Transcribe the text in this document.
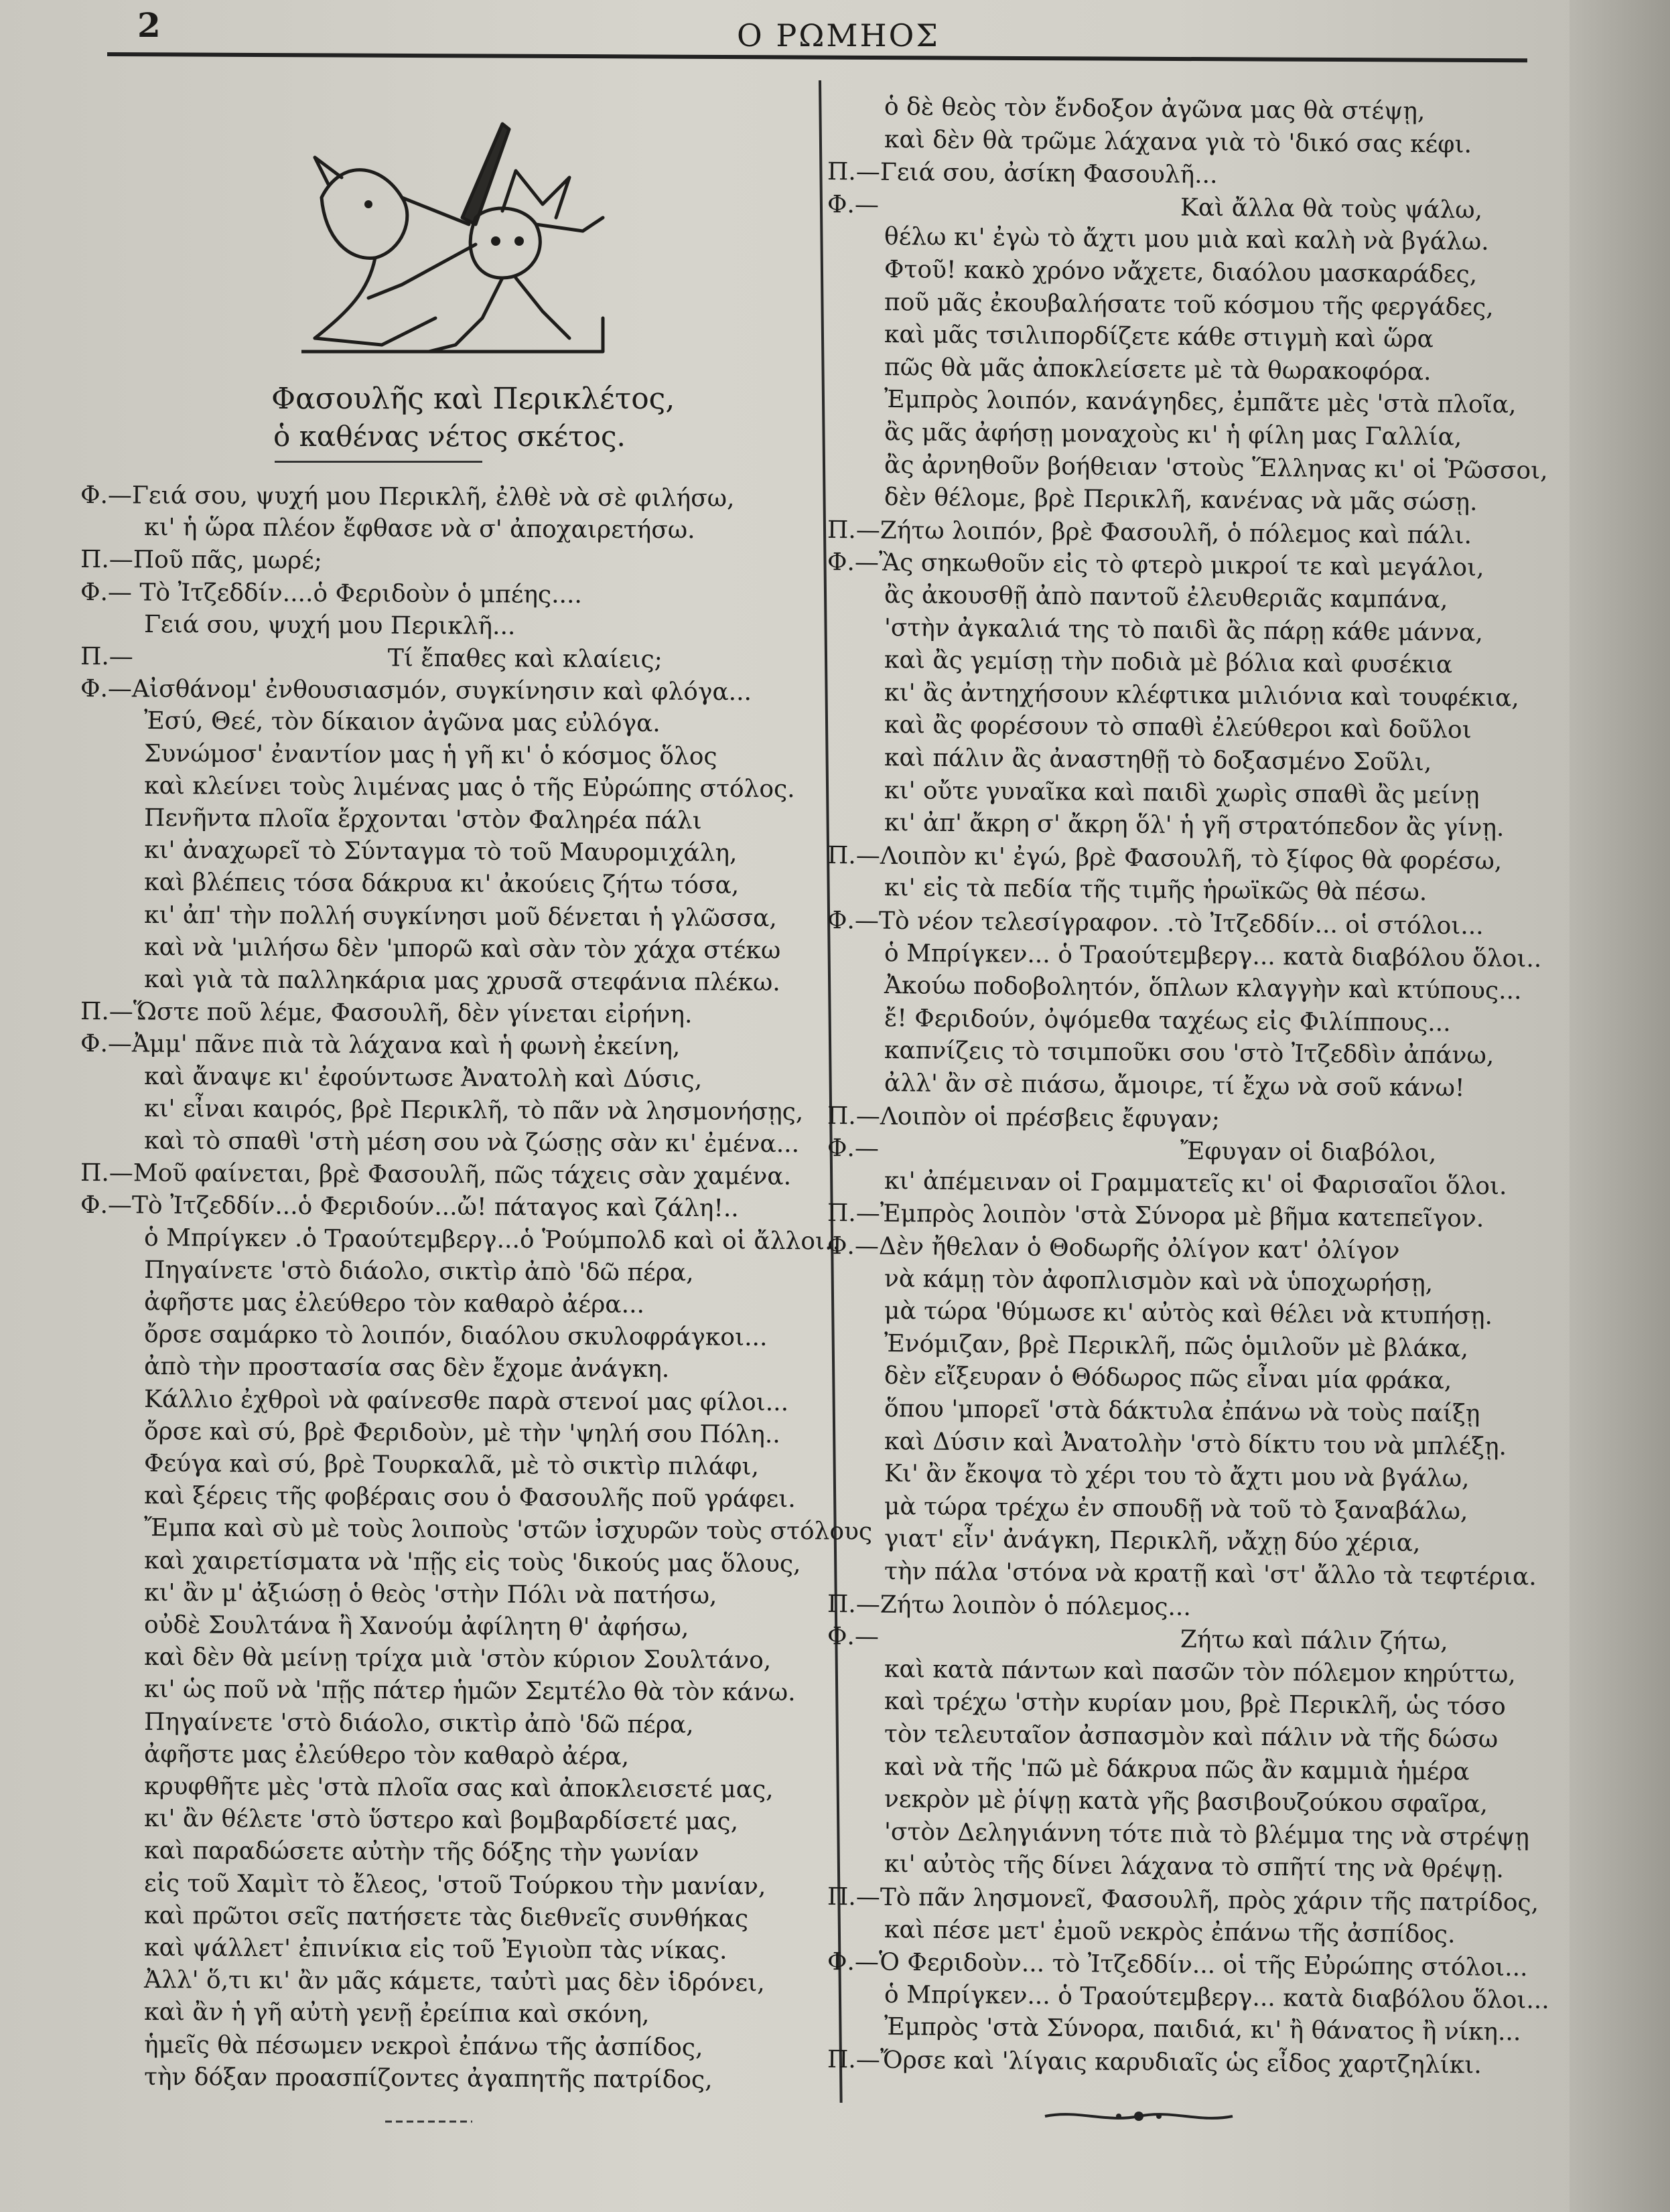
2	Ο ΡΩΜΗΟΣ
Φασουλῆς καὶ Περικλέτος,
ὁ καθένας νέτος σκέτος.
Φ.—Γειά σου, ψυχή μου Περικλῆ, ἐλθὲ νὰ σὲ φιλήσω,
κι' ἡ ὥρα πλέον ἔφθασε νὰ σ' ἀποχαιρετήσω.
Π.—Ποῦ πᾶς, μωρέ;
Φ.— Τὸ Ἰτζεδδίν....ὁ Φεριδοὺν ὁ μπέης....
Γειά σου, ψυχή μου Περικλῆ...
Π.—	Τί ἔπαθες καὶ κλαίεις;
Φ.—Αἰσθάνομ' ἐνθουσιασμόν, συγκίνησιν καὶ φλόγα...
Ἐσύ, Θεέ, τὸν δίκαιον ἀγῶνα μας εὐλόγα.
Συνώμοσ' ἐναντίον μας ἡ γῆ κι' ὁ κόσμος ὅλος
καὶ κλείνει τοὺς λιμένας μας ὁ τῆς Εὐρώπης στόλος.
Πενῆντα πλοῖα ἔρχονται 'στὸν Φαληρέα πάλι
κι' ἀναχωρεῖ τὸ Σύνταγμα τὸ τοῦ Μαυρομιχάλη,
καὶ βλέπεις τόσα δάκρυα κι' ἀκούεις ζήτω τόσα,
κι' ἀπ' τὴν πολλή συγκίνησι μοῦ δένεται ἡ γλῶσσα,
καὶ νὰ 'μιλήσω δὲν 'μπορῶ καὶ σὰν τὸν χάχα στέκω
καὶ γιὰ τὰ παλληκάρια μας χρυσᾶ στεφάνια πλέκω.
Π.—Ὥστε ποῦ λέμε, Φασουλῆ, δὲν γίνεται εἰρήνη.
Φ.—Ἀμμ' πᾶνε πιὰ τὰ λάχανα καὶ ἡ φωνὴ ἐκείνη,
καὶ ἄναψε κι' ἐφούντωσε Ἀνατολὴ καὶ Δύσις,
κι' εἶναι καιρός, βρὲ Περικλῆ, τὸ πᾶν νὰ λησμονήσῃς,
καὶ τὸ σπαθὶ 'στὴ μέση σου νὰ ζώσῃς σὰν κι' ἐμένα...
Π.—Μοῦ φαίνεται, βρὲ Φασουλῆ, πῶς τάχεις σὰν χαμένα.
Φ.—Τὸ Ἰτζεδδίν...ὁ Φεριδούν...ὤ! πάταγος καὶ ζάλη!..
ὁ Μπρίγκεν .ὁ Τραούτεμβεργ...ὁ Ῥούμπολδ καὶ οἱ ἄλλοι..
Πηγαίνετε 'στὸ διάολο, σικτὶρ ἀπὸ 'δῶ πέρα,
ἀφῆστε μας ἐλεύθερο τὸν καθαρὸ ἀέρα...
ὄρσε σαμάρκο τὸ λοιπόν, διαόλου σκυλοφράγκοι...
ἀπὸ τὴν προστασία σας δὲν ἔχομε ἀνάγκη.
Κάλλιο ἐχθροὶ νὰ φαίνεσθε παρὰ στενοί μας φίλοι...
ὄρσε καὶ σύ, βρὲ Φεριδοὺν, μὲ τὴν 'ψηλή σου Πόλη..
Φεύγα καὶ σύ, βρὲ Τουρκαλᾶ, μὲ τὸ σικτὶρ πιλάφι,
καὶ ξέρεις τῆς φοβέραις σου ὁ Φασουλῆς ποῦ γράφει.
Ἔμπα καὶ σὺ μὲ τοὺς λοιποὺς 'στῶν ἰσχυρῶν τοὺς στόλους
καὶ χαιρετίσματα νὰ 'πῇς εἰς τοὺς 'δικούς μας ὅλους,
κι' ἂν μ' ἀξιώσῃ ὁ θεὸς 'στὴν Πόλι νὰ πατήσω,
οὐδὲ Σουλτάνα ἢ Χανούμ ἀφίλητη θ' ἀφήσω,
καὶ δὲν θὰ μείνῃ τρίχα μιὰ 'στὸν κύριον Σουλτάνο,
κι' ὡς ποῦ νὰ 'πῇς πάτερ ἡμῶν Σεμτέλο θὰ τὸν κάνω.
Πηγαίνετε 'στὸ διάολο, σικτὶρ ἀπὸ 'δῶ πέρα,
ἀφῆστε μας ἐλεύθερο τὸν καθαρὸ ἀέρα,
κρυφθῆτε μὲς 'στὰ πλοῖα σας καὶ ἀποκλεισετέ μας,
κι' ἂν θέλετε 'στὸ ὕστερο καὶ βομβαρδίσετέ μας,
καὶ παραδώσετε αὐτὴν τῆς δόξης τὴν γωνίαν
εἰς τοῦ Χαμὶτ τὸ ἔλεος, 'στοῦ Τούρκου τὴν μανίαν,
καὶ πρῶτοι σεῖς πατήσετε τὰς διεθνεῖς συνθήκας
καὶ ψάλλετ' ἐπινίκια εἰς τοῦ Ἐγιοὺπ τὰς νίκας.
Ἀλλ' ὅ,τι κι' ἂν μᾶς κάμετε, ταὐτὶ μας δὲν ἱδρόνει,
καὶ ἂν ἡ γῆ αὐτὴ γενῇ ἐρείπια καὶ σκόνη,
ἡμεῖς θὰ πέσωμεν νεκροὶ ἐπάνω τῆς ἀσπίδος,
τὴν δόξαν προασπίζοντες ἀγαπητῆς πατρίδος,
ὁ δὲ θεὸς τὸν ἔνδοξον ἀγῶνα μας θὰ στέψῃ,
καὶ δὲν θὰ τρῶμε λάχανα γιὰ τὸ 'δικό σας κέφι.
Π.—Γειά σου, ἀσίκη Φασουλῆ...
Φ.—	Καὶ ἄλλα θὰ τοὺς ψάλω,
θέλω κι' ἐγὼ τὸ ἄχτι μου μιὰ καὶ καλὴ νὰ βγάλω.
Φτοῦ! κακὸ χρόνο νἄχετε, διαόλου μασκαράδες,
ποῦ μᾶς ἐκουβαλήσατε τοῦ κόσμου τῆς φεργάδες,
καὶ μᾶς τσιλιπορδίζετε κάθε στιγμὴ καὶ ὥρα
πῶς θὰ μᾶς ἀποκλείσετε μὲ τὰ θωρακοφόρα.
Ἐμπρὸς λοιπόν, κανάγηδες, ἐμπᾶτε μὲς 'στὰ πλοῖα,
ἂς μᾶς ἀφήσῃ μοναχοὺς κι' ἡ φίλη μας Γαλλία,
ἂς ἀρνηθοῦν βοήθειαν 'στοὺς Ἕλληνας κι' οἱ Ῥῶσσοι,
δὲν θέλομε, βρὲ Περικλῆ, κανένας νὰ μᾶς σώσῃ.
Π.—Ζήτω λοιπόν, βρὲ Φασουλῆ, ὁ πόλεμος καὶ πάλι.
Φ.—Ἂς σηκωθοῦν εἰς τὸ φτερὸ μικροί τε καὶ μεγάλοι,
ἂς ἀκουσθῇ ἀπὸ παντοῦ ἐλευθεριᾶς καμπάνα,
'στὴν ἀγκαλιά της τὸ παιδὶ ἂς πάρῃ κάθε μάννα,
καὶ ἂς γεμίσῃ τὴν ποδιὰ μὲ βόλια καὶ φυσέκια
κι' ἂς ἀντηχήσουν κλέφτικα μιλιόνια καὶ τουφέκια,
καὶ ἂς φορέσουν τὸ σπαθὶ ἐλεύθεροι καὶ δοῦλοι
καὶ πάλιν ἂς ἀναστηθῇ τὸ δοξασμένο Σοῦλι,
κι' οὔτε γυναῖκα καὶ παιδὶ χωρὶς σπαθὶ ἂς μείνῃ
κι' ἀπ' ἄκρη σ' ἄκρη ὅλ' ἡ γῆ στρατόπεδον ἂς γίνῃ.
Π.—Λοιπὸν κι' ἐγώ, βρὲ Φασουλῆ, τὸ ξίφος θὰ φορέσω,
κι' εἰς τὰ πεδία τῆς τιμῆς ἡρωϊκῶς θὰ πέσω.
Φ.—Τὸ νέον τελεσίγραφον. .τὸ Ἰτζεδδίν... οἱ στόλοι...
ὁ Μπρίγκεν... ὁ Τραούτεμβεργ... κατὰ διαβόλου ὅλοι..
Ἀκούω ποδοβολητόν, ὅπλων κλαγγὴν καὶ κτύπους...
ἔ! Φεριδούν, ὀψόμεθα ταχέως εἰς Φιλίππους...
καπνίζεις τὸ τσιμποῦκι σου 'στὸ Ἰτζεδδὶν ἀπάνω,
ἀλλ' ἂν σὲ πιάσω, ἄμοιρε, τί ἔχω νὰ σοῦ κάνω!
Π.—Λοιπὸν οἱ πρέσβεις ἔφυγαν;
Φ.—	Ἔφυγαν οἱ διαβόλοι,
κι' ἀπέμειναν οἱ Γραμματεῖς κι' οἱ Φαρισαῖοι ὅλοι.
Π.—Ἐμπρὸς λοιπὸν 'στὰ Σύνορα μὲ βῆμα κατεπεῖγον.
Φ.—Δὲν ἤθελαν ὁ Θοδωρῆς ὀλίγον κατ' ὀλίγον
νὰ κάμῃ τὸν ἀφοπλισμὸν καὶ νὰ ὑποχωρήσῃ,
μὰ τώρα 'θύμωσε κι' αὐτὸς καὶ θέλει νὰ κτυπήσῃ.
Ἐνόμιζαν, βρὲ Περικλῆ, πῶς ὁμιλοῦν μὲ βλάκα,
δὲν εἴξευραν ὁ Θόδωρος πῶς εἶναι μία φράκα,
ὅπου 'μπορεῖ 'στὰ δάκτυλα ἐπάνω νὰ τοὺς παίξῃ
καὶ Δύσιν καὶ Ἀνατολὴν 'στὸ δίκτυ του νὰ μπλέξῃ.
Κι' ἂν ἔκοψα τὸ χέρι του τὸ ἄχτι μου νὰ βγάλω,
μὰ τώρα τρέχω ἐν σπουδῇ νὰ τοῦ τὸ ξαναβάλω,
γιατ' εἶν' ἀνάγκη, Περικλῆ, νἄχῃ δύο χέρια,
τὴν πάλα 'στόνα νὰ κρατῇ καὶ 'στ' ἄλλο τὰ τεφτέρια.
Π.—Ζήτω λοιπὸν ὁ πόλεμος...
Φ.—	Ζήτω καὶ πάλιν ζήτω,
καὶ κατὰ πάντων καὶ πασῶν τὸν πόλεμον κηρύττω,
καὶ τρέχω 'στὴν κυρίαν μου, βρὲ Περικλῆ, ὡς τόσο
τὸν τελευταῖον ἀσπασμὸν καὶ πάλιν νὰ τῆς δώσω
καὶ νὰ τῆς 'πῶ μὲ δάκρυα πῶς ἂν καμμιὰ ἡμέρα
νεκρὸν μὲ ῥίψῃ κατὰ γῆς βασιβουζούκου σφαῖρα,
'στὸν Δεληγιάννη τότε πιὰ τὸ βλέμμα της νὰ στρέψῃ
κι' αὐτὸς τῆς δίνει λάχανα τὸ σπῆτί της νὰ θρέψῃ.
Π.—Τὸ πᾶν λησμονεῖ, Φασουλῆ, πρὸς χάριν τῆς πατρίδος,
καὶ πέσε μετ' ἐμοῦ νεκρὸς ἐπάνω τῆς ἀσπίδος.
Φ.—Ὁ Φεριδοὺν... τὸ Ἰτζεδδίν... οἱ τῆς Εὐρώπης στόλοι...
ὁ Μπρίγκεν... ὁ Τραούτεμβεργ... κατὰ διαβόλου ὅλοι...
Ἐμπρὸς 'στὰ Σύνορα, παιδιά, κι' ἢ θάνατος ἢ νίκη...
Π.—Ὄρσε καὶ 'λίγαις καρυδιαῖς ὡς εἶδος χαρτζηλίκι.
